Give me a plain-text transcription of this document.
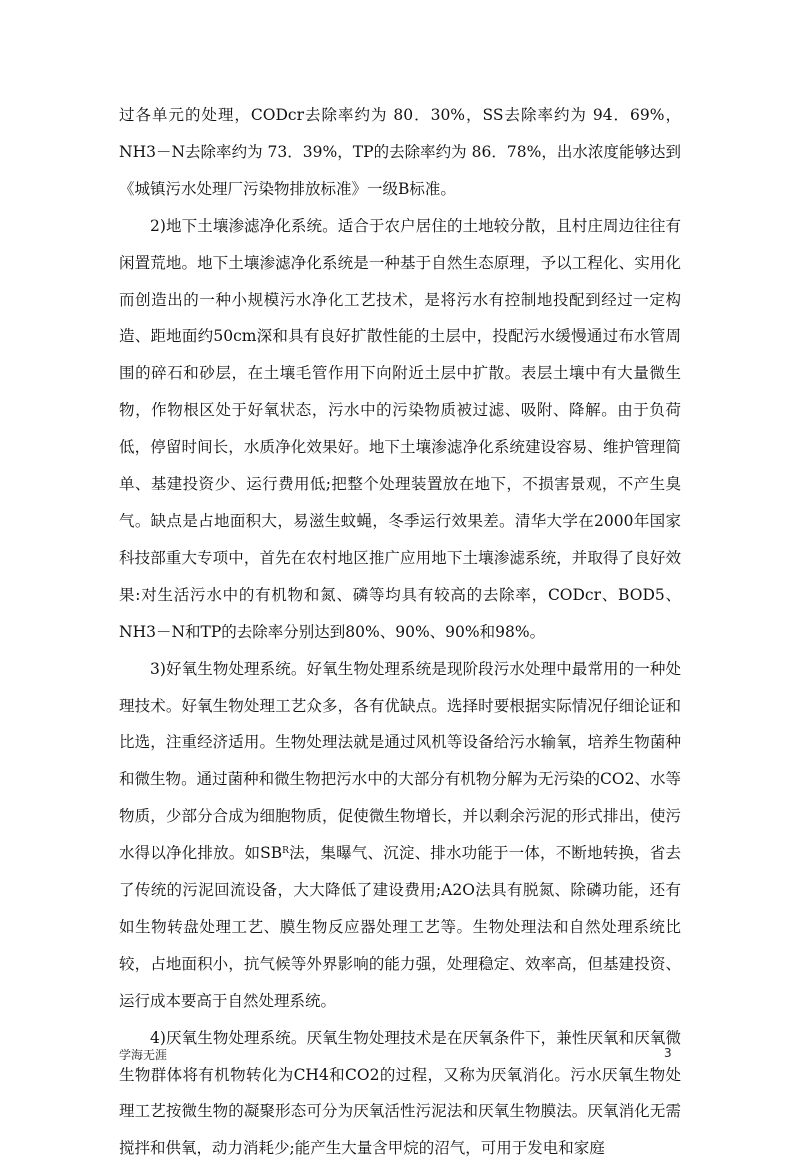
过各单元的处理，CODcr去除率约为 80．30%，SS去除率约为 94．69%，NH3－N去除率约为 73．39%，TP的去除率约为 86．78%，出水浓度能够达到《城镇污水处理厂污染物排放标准》一级B标准。

2)地下土壤渗滤净化系统。适合于农户居住的土地较分散，且村庄周边往往有闲置荒地。地下土壤渗滤净化系统是一种基于自然生态原理，予以工程化、实用化而创造出的一种小规模污水净化工艺技术，是将污水有控制地投配到经过一定构造、距地面约50cm深和具有良好扩散性能的土层中，投配污水缓慢通过布水管周围的碎石和砂层，在土壤毛管作用下向附近土层中扩散。表层土壤中有大量微生物，作物根区处于好氧状态，污水中的污染物质被过滤、吸附、降解。由于负荷低，停留时间长，水质净化效果好。地下土壤渗滤净化系统建设容易、维护管理简单、基建投资少、运行费用低;把整个处理装置放在地下，不损害景观，不产生臭气。缺点是占地面积大，易滋生蚊蝇，冬季运行效果差。清华大学在2000年国家科技部重大专项中，首先在农村地区推广应用地下土壤渗滤系统，并取得了良好效果:对生活污水中的有机物和氮、磷等均具有较高的去除率，CODcr、BOD5、NH3－N和TP的去除率分别达到80%、90%、90%和98%。

3)好氧生物处理系统。好氧生物处理系统是现阶段污水处理中最常用的一种处理技术。好氧生物处理工艺众多，各有优缺点。选择时要根据实际情况仔细论证和比选，注重经济适用。生物处理法就是通过风机等设备给污水输氧，培养生物菌种和微生物。通过菌种和微生物把污水中的大部分有机物分解为无污染的CO2、水等物质，少部分合成为细胞物质，促使微生物增长，并以剩余污泥的形式排出，使污水得以净化排放。如$SB^R$法，集曝气、沉淀、排水功能于一体，不断地转换，省去了传统的污泥回流设备，大大降低了建设费用;A2O法具有脱氮、除磷功能，还有如生物转盘处理工艺、膜生物反应器处理工艺等。生物处理法和自然处理系统比较，占地面积小，抗气候等外界影响的能力强，处理稳定、效率高，但基建投资、运行成本要高于自然处理系统。

4)厌氧生物处理系统。厌氧生物处理技术是在厌氧条件下，兼性厌氧和厌氧微生物群体将有机物转化为CH4和CO2的过程，又称为厌氧消化。污水厌氧生物处理工艺按微生物的凝聚形态可分为厌氧活性污泥法和厌氧生物膜法。厌氧消化无需搅拌和供氧，动力消耗少;能产生大量含甲烷的沼气，可用于发电和家庭

学海无涯	3
